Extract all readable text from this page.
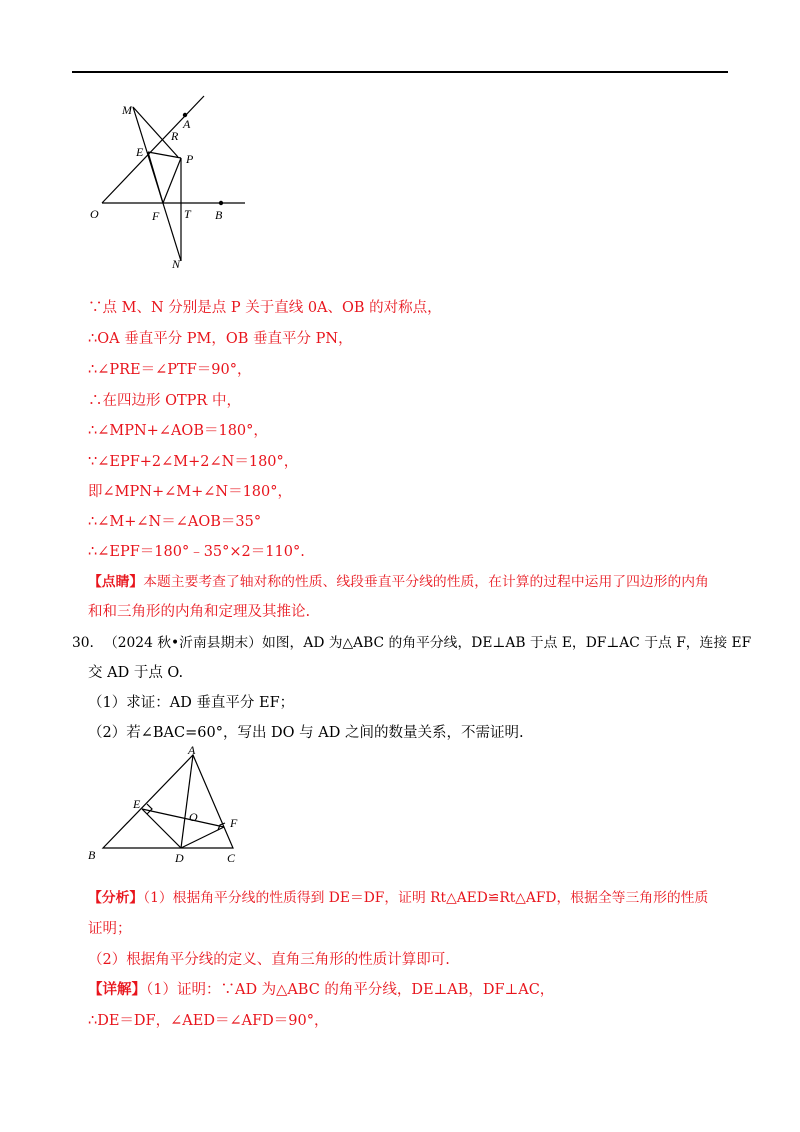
M
A
R
E	P
O	F T B
N
∵点 M、N 分别是点 P 关于直线 0A、OB 的对称点，
∴OA 垂直平分 PM，OB 垂直平分 PN，
∴∠PRE＝∠PTF＝90°，
∴在四边形 OTPR 中，
∴∠MPN+∠AOB＝180°，
∵∠EPF+2∠M+2∠N＝180°，
即∠MPN+∠M+∠N＝180°，
∴∠M+∠N＝∠AOB＝35°
∴∠EPF＝180°﹣35°×2＝110°.
【点睛】本题主要考查了轴对称的性质、线段垂直平分线的性质，在计算的过程中运用了四边形的内角
和和三角形的内角和定理及其推论.
30. （2024 秋•沂南县期末）如图，AD 为△ABC 的角平分线，DE⊥AB 于点 E，DF⊥AC 于点 F，连接 EF
交 AD 于点 O.
（1）求证：AD 垂直平分 EF；
（2）若∠BAC=60°，写出 DO 与 AD 之间的数量关系，不需证明.
A
E
O	F
B	D	C
【分析】（1）根据角平分线的性质得到 DE＝DF，证明 Rt△AED≌Rt△AFD，根据全等三角形的性质
证明；
（2）根据角平分线的定义、直角三角形的性质计算即可.
【详解】（1）证明：∵AD 为△ABC 的角平分线，DE⊥AB，DF⊥AC，
∴DE＝DF，∠AED＝∠AFD＝90°，
